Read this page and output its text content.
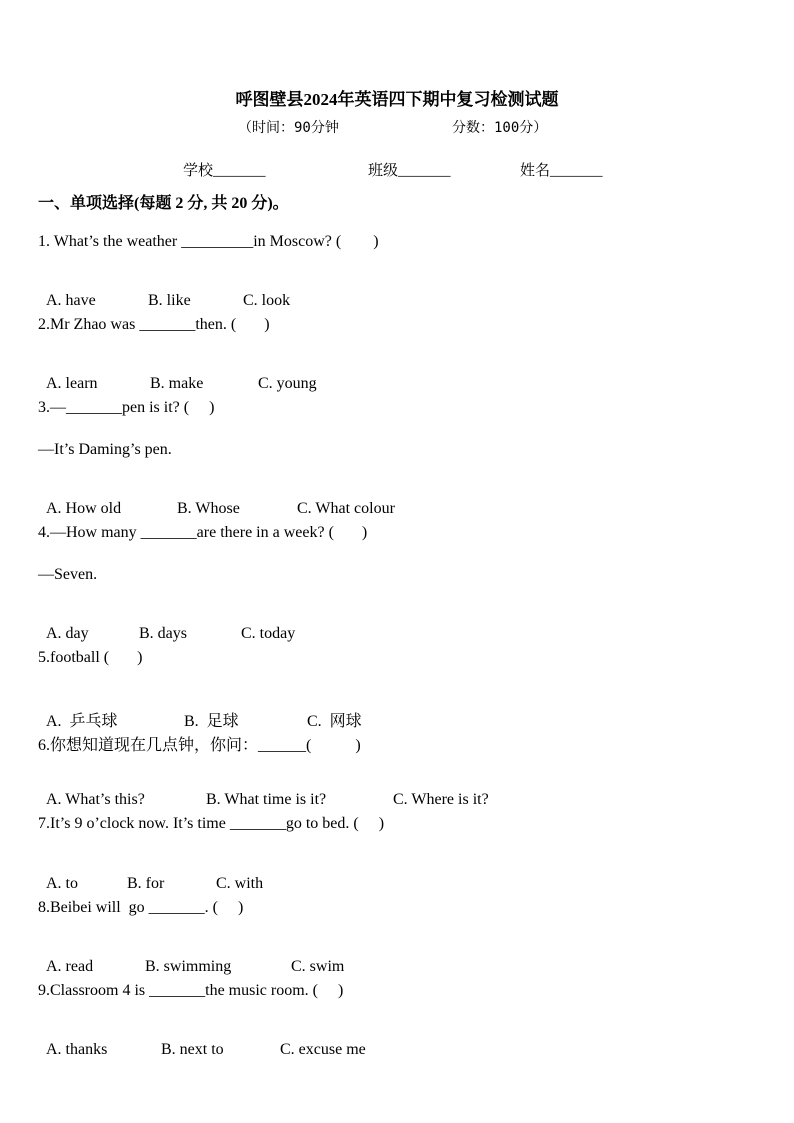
呼图壁县2024年英语四下期中复习检测试题
（时间：90分钟	分数：100分）
学校_______	班级_______	姓名_______
一、单项选择(每题 2 分, 共 20 分)。
1. What’s the weather _________in Moscow? (        )

A. have	B. like	C. look

2.Mr Zhao was _______then. (       )

A. learn	B. make	C. young

3.—_______pen is it? (     )
—It’s Daming’s pen.

A. How old	B. Whose	C. What colour

4.—How many _______are there in a week? (       )
—Seven.

A. day	B. days	C. today

5.football (       )

A.  乒乓球	B.  足球	C.  网球

6.你想知道现在几点钟，你问：______(           )

A. What’s this?	B. What time is it?	C. Where is it?

7.It’s 9 o’clock now. It’s time _______go to bed. (     )

A. to	B. for	C. with

8.Beibei will  go _______. (     )

A. read	B. swimming	C. swim

9.Classroom 4 is _______the music room. (     )

A. thanks	B. next to	C. excuse me
